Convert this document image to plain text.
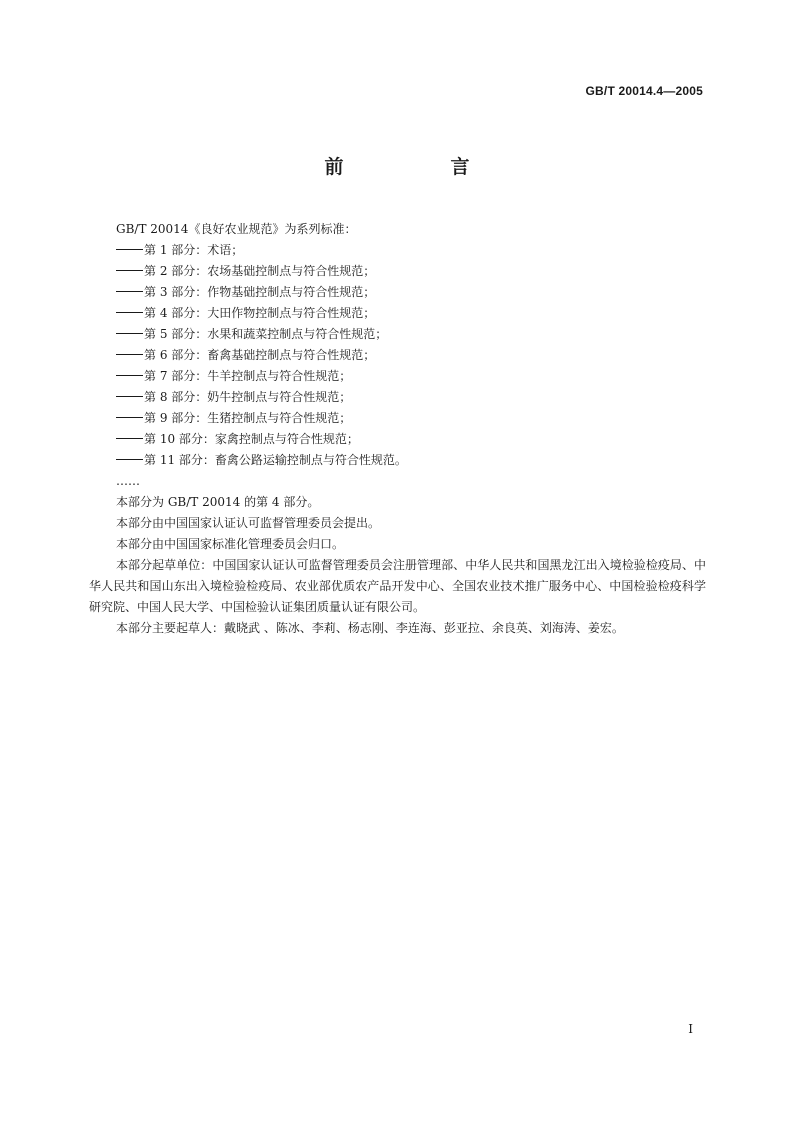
GB/T 20014.4—2005
前　言

GB/T 20014《良好农业规范》为系列标准：

第 1 部分：术语；

第 2 部分：农场基础控制点与符合性规范；

第 3 部分：作物基础控制点与符合性规范；

第 4 部分：大田作物控制点与符合性规范；

第 5 部分：水果和蔬菜控制点与符合性规范；

第 6 部分：畜禽基础控制点与符合性规范；

第 7 部分：牛羊控制点与符合性规范；

第 8 部分：奶牛控制点与符合性规范；

第 9 部分：生猪控制点与符合性规范；

第 10 部分：家禽控制点与符合性规范；

第 11 部分：畜禽公路运输控制点与符合性规范。

……

本部分为 GB/T 20014 的第 4 部分。

本部分由中国国家认证认可监督管理委员会提出。

本部分由中国国家标准化管理委员会归口。

本部分起草单位：中国国家认证认可监督管理委员会注册管理部、中华人民共和国黑龙江出入境检验检疫局、中华人民共和国山东出入境检验检疫局、农业部优质农产品开发中心、全国农业技术推广服务中心、中国检验检疫科学研究院、中国人民大学、中国检验认证集团质量认证有限公司。

本部分主要起草人：戴晓武 、陈冰、李莉、杨志刚、李连海、彭亚拉、余良英、刘海涛、姜宏。

I
